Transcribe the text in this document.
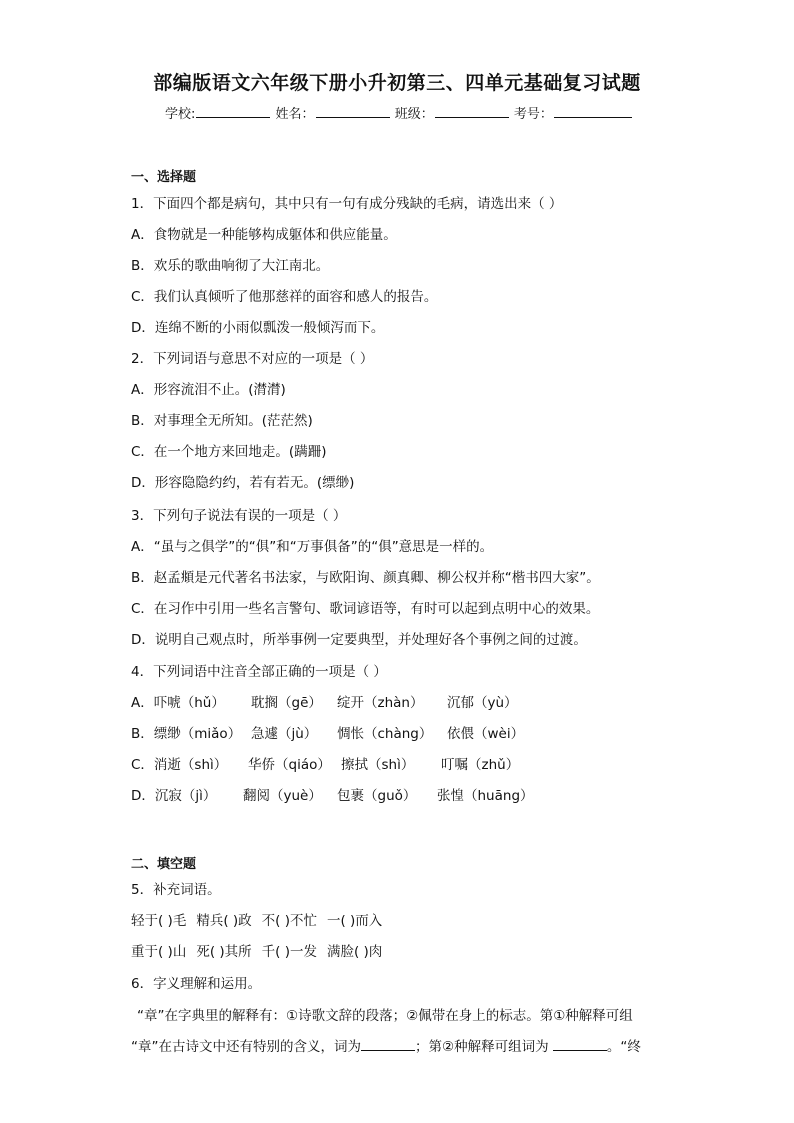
部编版语文六年级下册小升初第三、四单元基础复习试题
学校:	姓名：	班级：	考号：
一、选择题
1．下面四个都是病句，其中只有一句有成分残缺的毛病，请选出来（ ）
A．食物就是一种能够构成躯体和供应能量。
B．欢乐的歌曲响彻了大江南北。
C．我们认真倾听了他那慈祥的面容和感人的报告。
D．连绵不断的小雨似瓢泼一般倾泻而下。
2．下列词语与意思不对应的一项是（ ）
A．形容流泪不止。(潸潸)
B．对事理全无所知。(茫茫然)
C．在一个地方来回地走。(蹒跚)
D．形容隐隐约约，若有若无。(缥缈)
3．下列句子说法有误的一项是（ ）
A．“虽与之俱学”的“俱”和“万事俱备”的“俱”意思是一样的。
B．赵孟頫是元代著名书法家，与欧阳询、颜真卿、柳公权并称“楷书四大家”。
C．在习作中引用一些名言警句、歌词谚语等，有时可以起到点明中心的效果。
D．说明自己观点时，所举事例一定要典型，并处理好各个事例之间的过渡。
4．下列词语中注音全部正确的一项是（ ）
A．吓唬（hǔ） 耽搁（gē） 绽开（zhàn） 沉郁（yù）
B．缥缈（miǎo） 急遽（jù） 惆怅（chàng） 依偎（wèi）
C．消逝（shì） 华侨（qiáo） 擦拭（shì） 叮嘱（zhǔ）
D．沉寂（jì） 翻阅（yuè） 包裹（guǒ） 张惶（huāng）
二、填空题
5．补充词语。
轻于( )毛 精兵( )政 不( )不忙 一( )而入
重于( )山 死( )其所 千( )一发 满脸( )肉
6．字义理解和运用。
“章”在字典里的解释有：①诗歌文辞的段落；②佩带在身上的标志。第①种解释可组
“章”在古诗文中还有特别的含义，词为	；第②种解释可组词为	。“终
